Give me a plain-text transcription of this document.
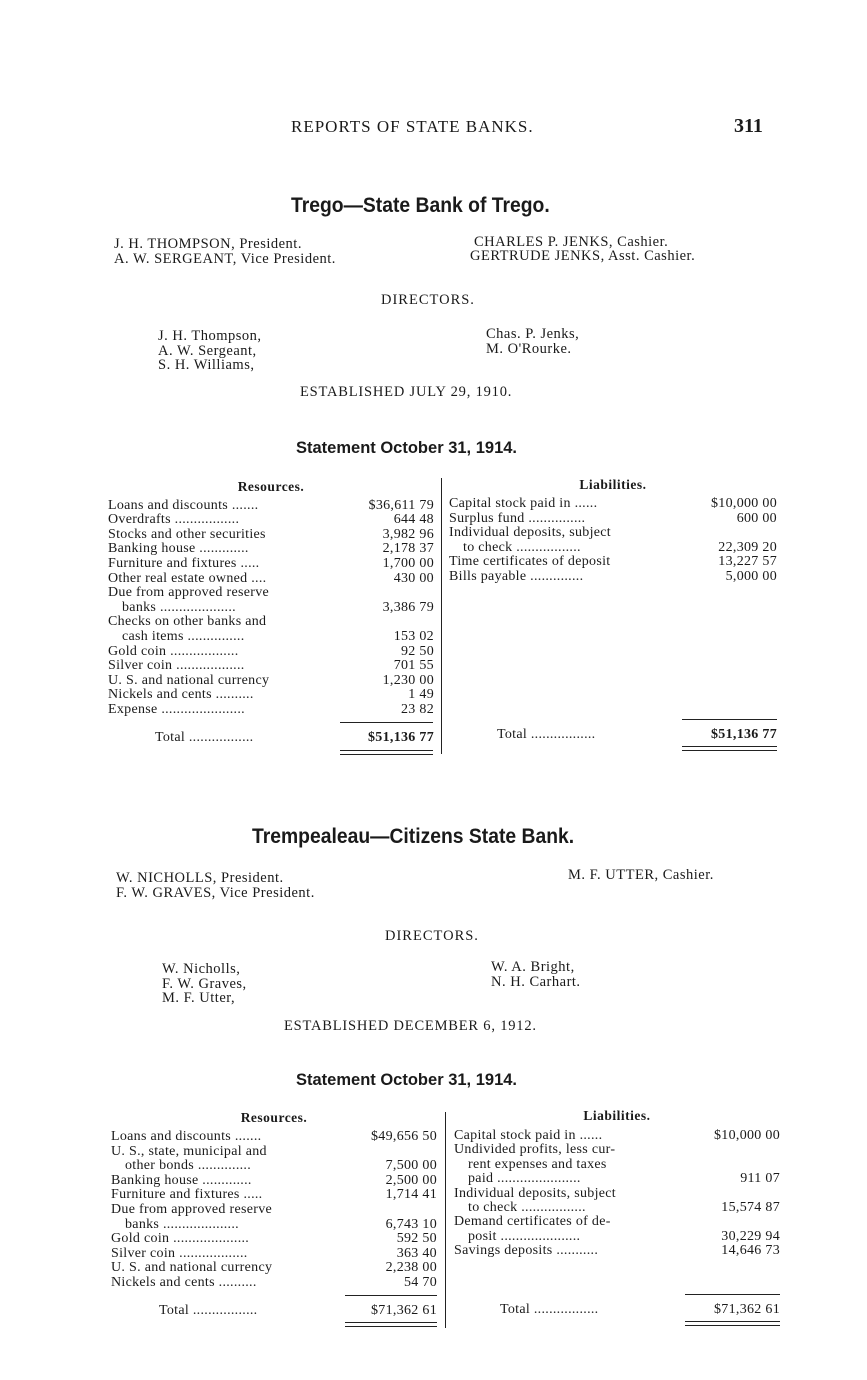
REPORTS OF STATE BANKS.	311
Trego—State Bank of Trego.
J. H. THOMPSON, President.
A. W. SERGEANT, Vice President.
CHARLES P. JENKS, Cashier.
GERTRUDE JENKS, Asst. Cashier.
DIRECTORS.
J. H. Thompson,
A. W. Sergeant,
S. H. Williams,
Chas. P. Jenks,
M. O'Rourke.
ESTABLISHED JULY 29, 1910.
Statement October 31, 1914.
Resources.	Liabilities.
Loans and discounts .......	$36,611 79
Overdrafts .................	644 48
Stocks and other securities	3,982 96
Banking house .............	2,178 37
Furniture and fixtures .....	1,700 00
Other real estate owned ....	430 00
Due from approved reserve
banks ....................	3,386 79
Checks on other banks and
cash items ...............	153 02
Gold coin ..................	92 50
Silver coin ..................	701 55
U. S. and national currency	1,230 00
Nickels and cents ..........	1 49
Expense ......................	23 82
Total .................	$51,136 77
Capital stock paid in ......	$10,000 00
Surplus fund ...............	600 00
Individual deposits, subject
to check .................	22,309 20
Time certificates of deposit	13,227 57
Bills payable ..............	5,000 00
Total .................	$51,136 77
Trempealeau—Citizens State Bank.
W. NICHOLLS, President.
F. W. GRAVES, Vice President.
M. F. UTTER, Cashier.
DIRECTORS.
W. Nicholls,
F. W. Graves,
M. F. Utter,
W. A. Bright,
N. H. Carhart.
ESTABLISHED DECEMBER 6, 1912.
Statement October 31, 1914.
Resources.	Liabilities.
Loans and discounts .......	$49,656 50
U. S., state, municipal and
other bonds ..............	7,500 00
Banking house .............	2,500 00
Furniture and fixtures .....	1,714 41
Due from approved reserve
banks ....................	6,743 10
Gold coin ....................	592 50
Silver coin ..................	363 40
U. S. and national currency	2,238 00
Nickels and cents ..........	54 70
Total .................	$71,362 61
Capital stock paid in ......	$10,000 00
Undivided profits, less cur-
rent expenses and taxes
paid ......................	911 07
Individual deposits, subject
to check .................	15,574 87
Demand certificates of de-
posit .....................	30,229 94
Savings deposits ...........	14,646 73
Total .................	$71,362 61
